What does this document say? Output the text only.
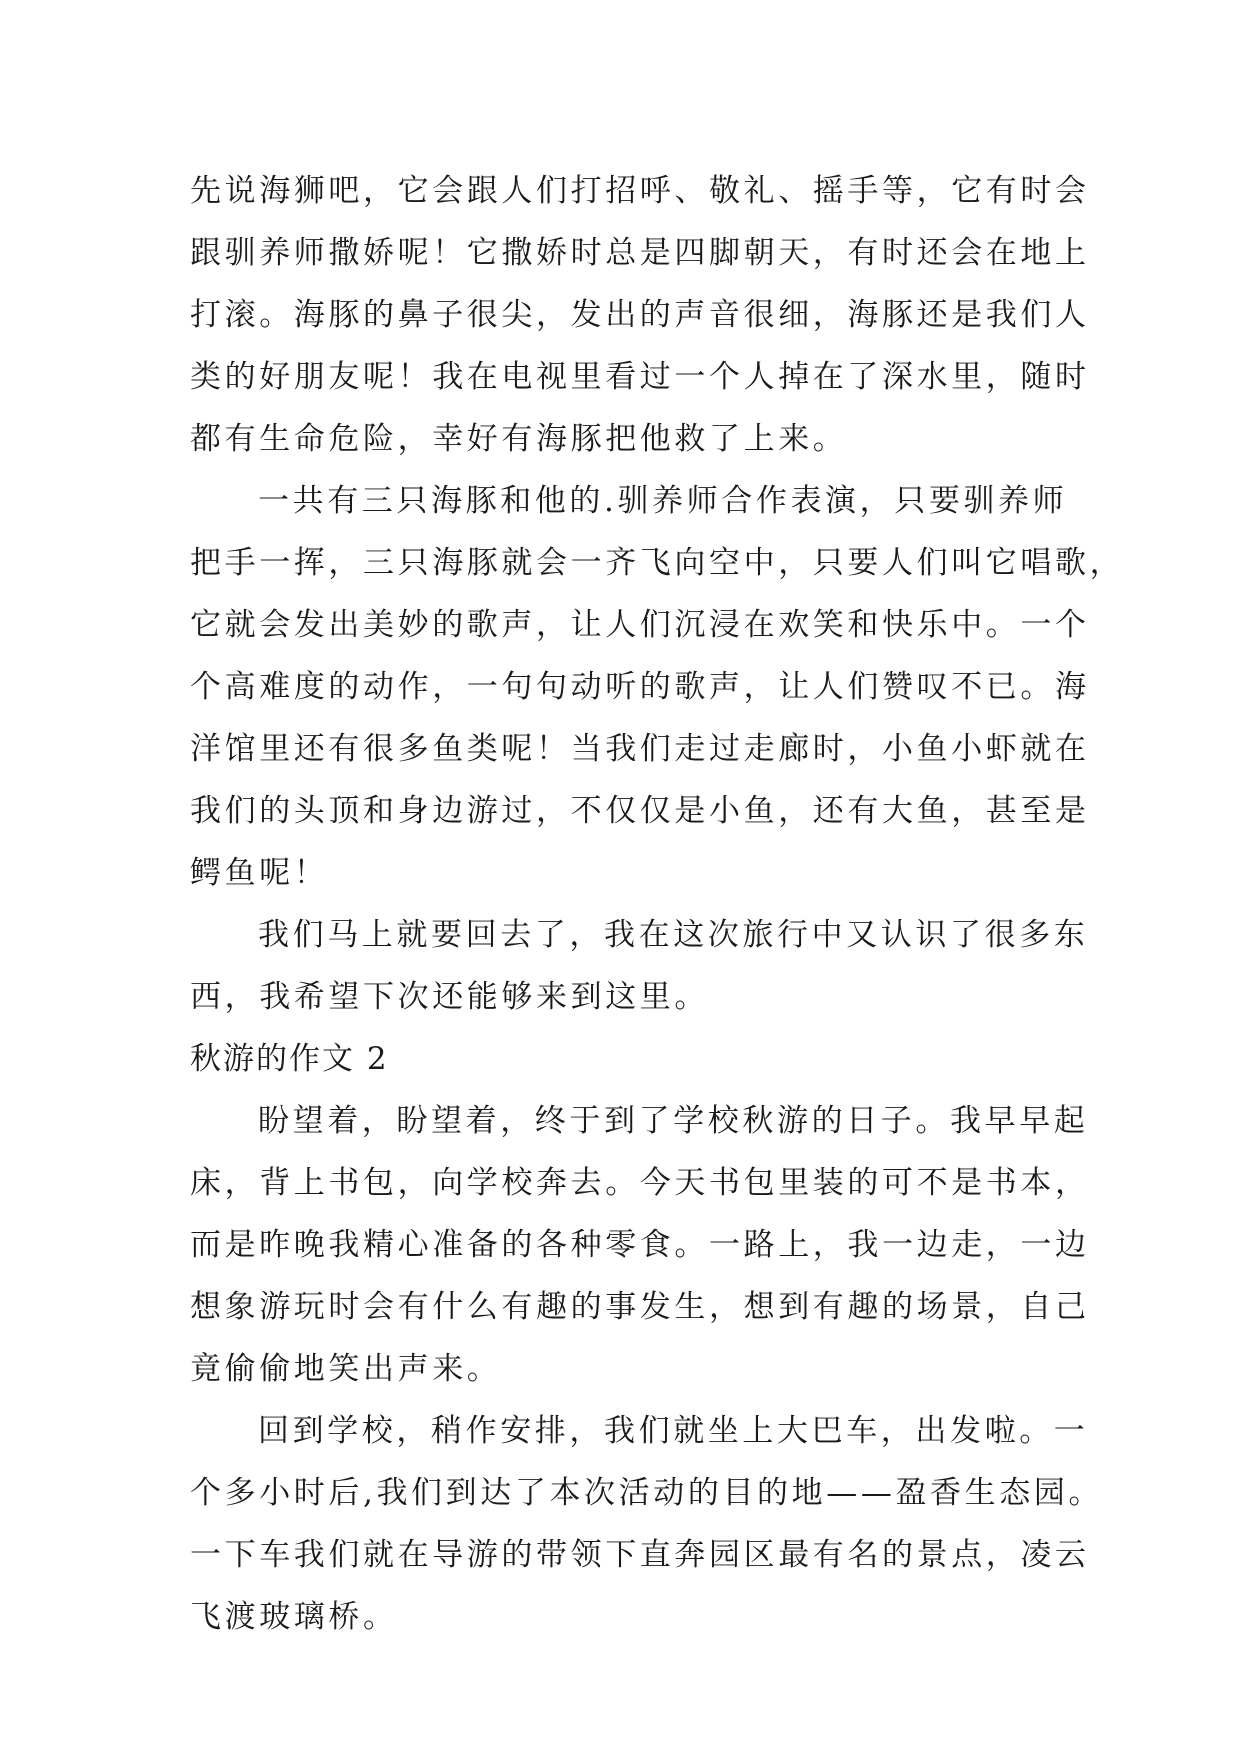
先说海狮吧，它会跟人们打招呼、敬礼、摇手等，它有时会
跟驯养师撒娇呢！它撒娇时总是四脚朝天，有时还会在地上
打滚。海豚的鼻子很尖，发出的声音很细，海豚还是我们人
类的好朋友呢！我在电视里看过一个人掉在了深水里，随时
都有生命危险，幸好有海豚把他救了上来。
一共有三只海豚和他的.驯养师合作表演，只要驯养师
把手一挥，三只海豚就会一齐飞向空中，只要人们叫它唱歌，
它就会发出美妙的歌声，让人们沉浸在欢笑和快乐中。一个
个高难度的动作，一句句动听的歌声，让人们赞叹不已。海
洋馆里还有很多鱼类呢！当我们走过走廊时，小鱼小虾就在
我们的头顶和身边游过，不仅仅是小鱼，还有大鱼，甚至是
鳄鱼呢！
我们马上就要回去了，我在这次旅行中又认识了很多东
西，我希望下次还能够来到这里。
秋游的作文 2
盼望着，盼望着，终于到了学校秋游的日子。我早早起
床，背上书包，向学校奔去。今天书包里装的可不是书本，
而是昨晚我精心准备的各种零食。一路上，我一边走，一边
想象游玩时会有什么有趣的事发生，想到有趣的场景，自己
竟偷偷地笑出声来。
回到学校，稍作安排，我们就坐上大巴车，出发啦。一
个多小时后,我们到达了本次活动的目的地——盈香生态园。
一下车我们就在导游的带领下直奔园区最有名的景点，凌云
飞渡玻璃桥。
